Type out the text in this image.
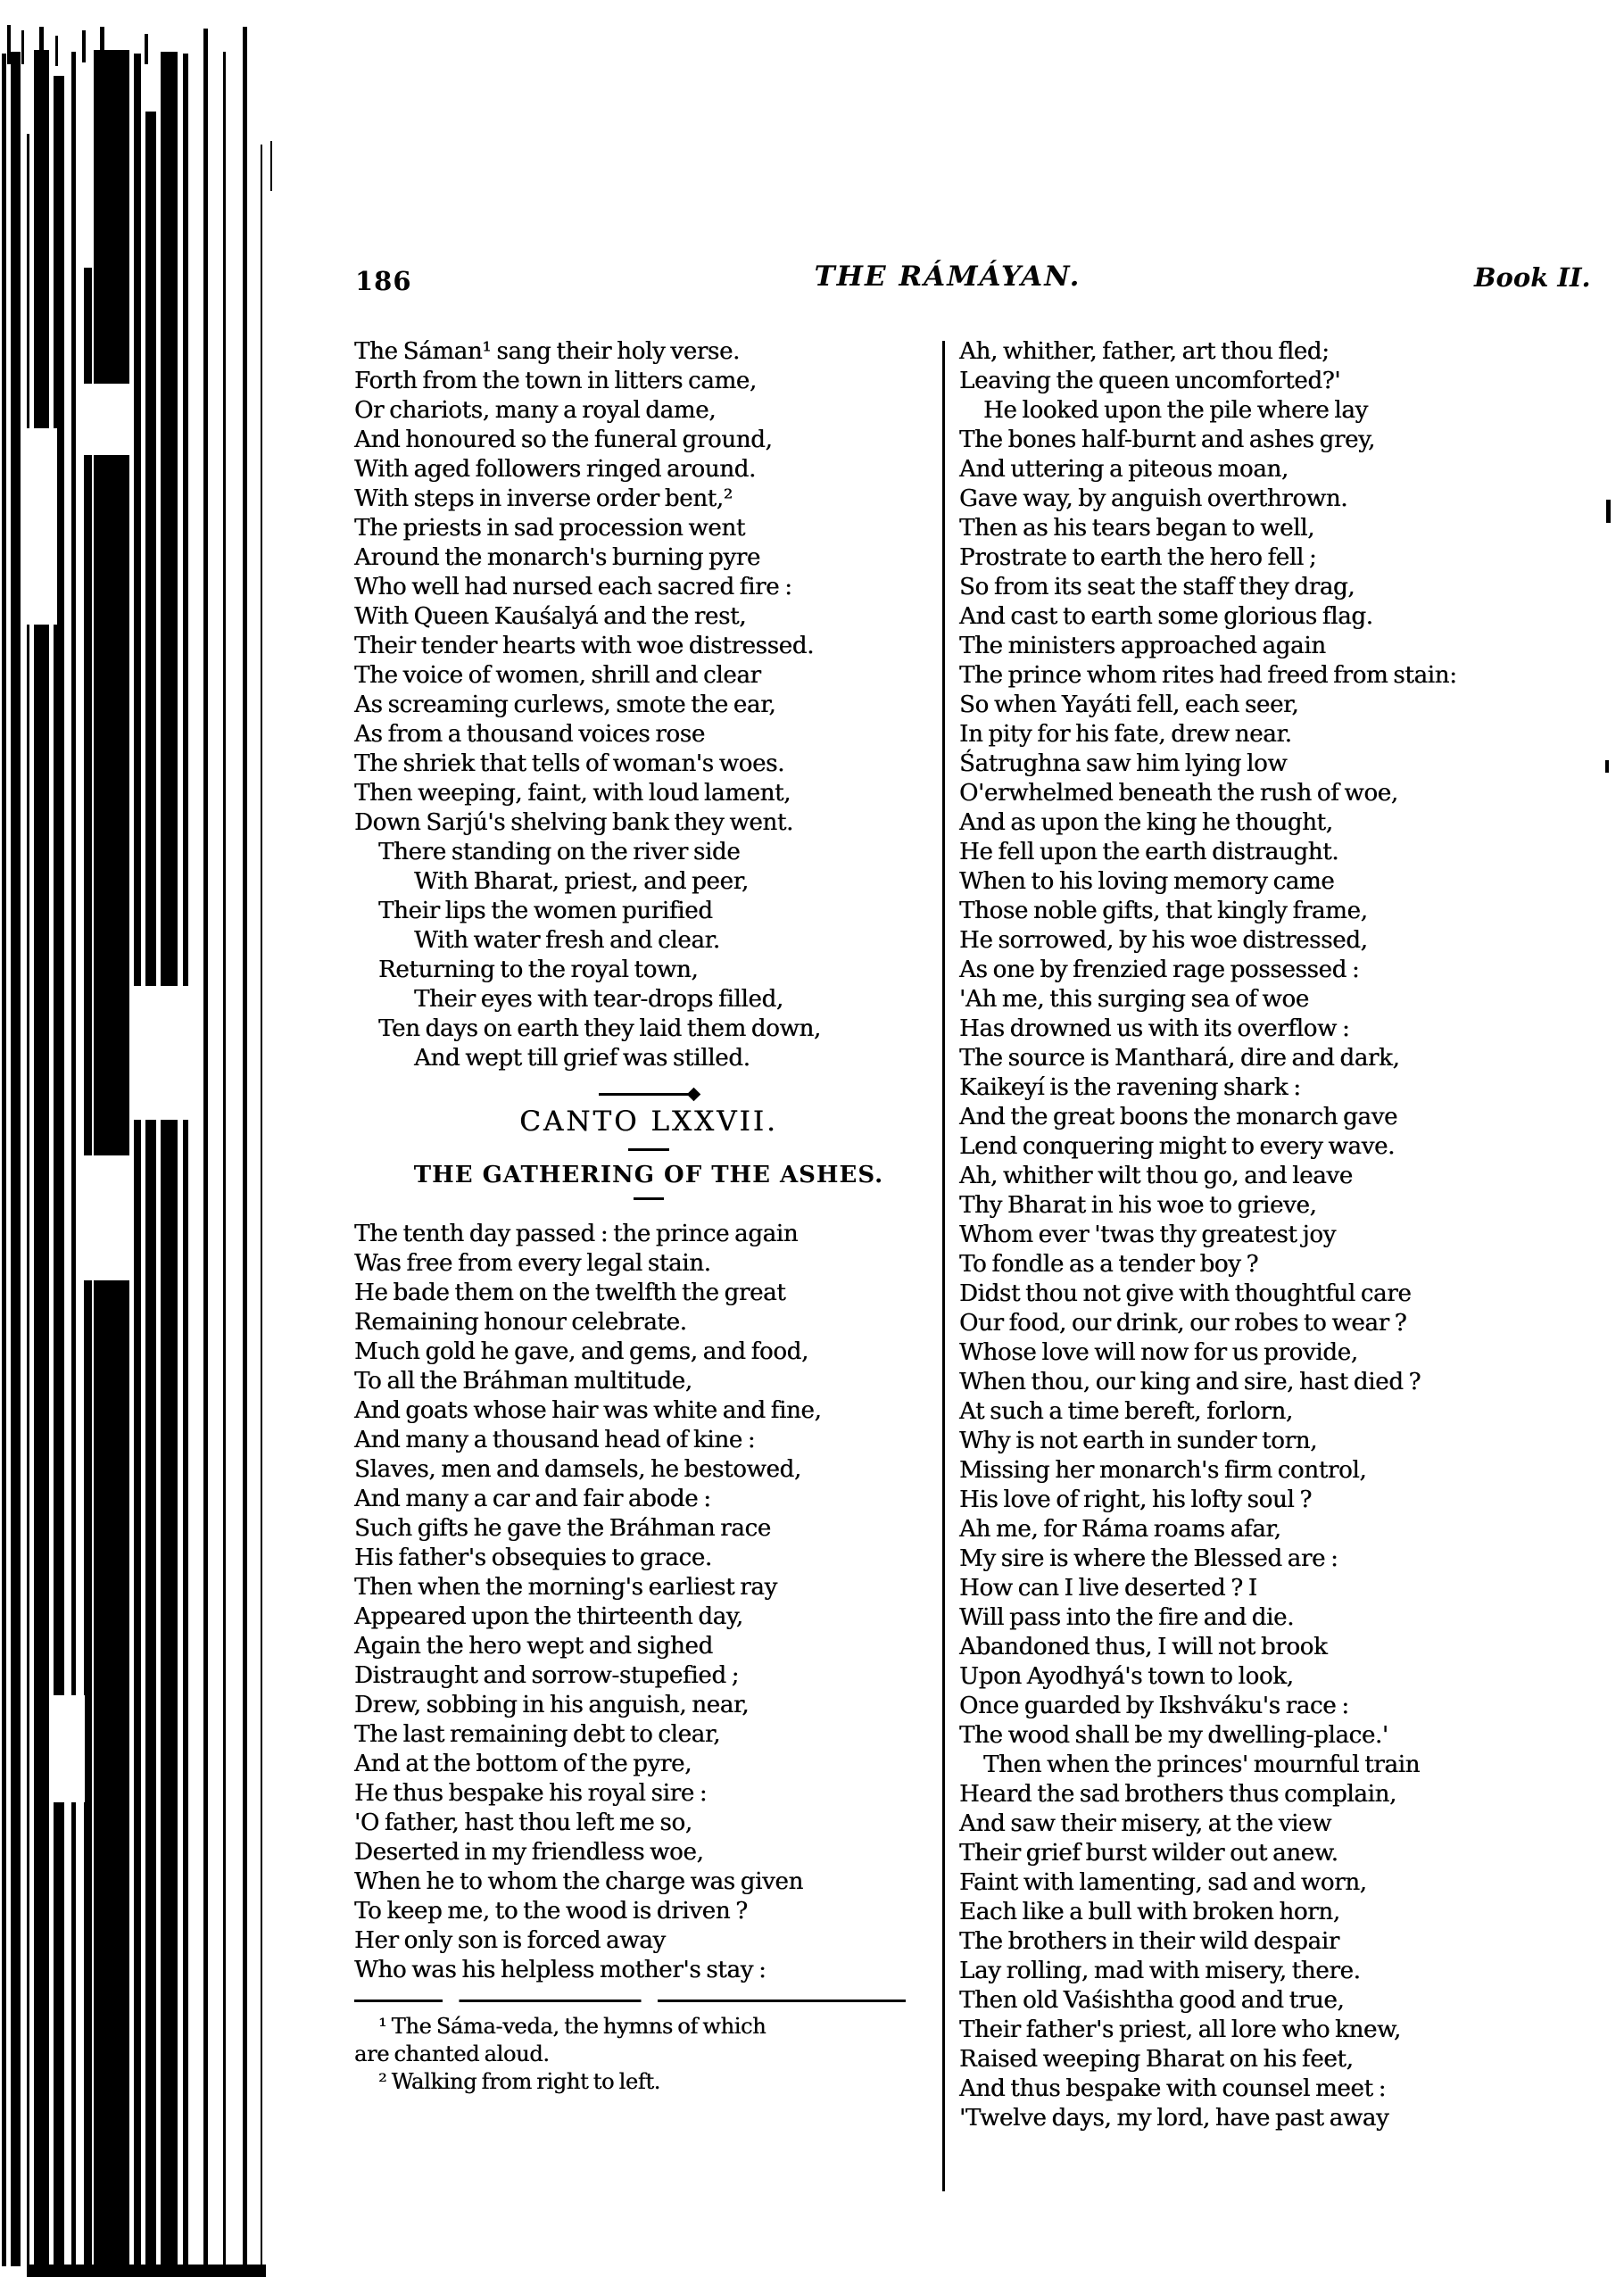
186	THE RÁMÁYAN.	Book II.
The Sáman¹ sang their holy verse.
Forth from the town in litters came,
Or chariots, many a royal dame,
And honoured so the funeral ground,
With aged followers ringed around.
With steps in inverse order bent,²
The priests in sad procession went
Around the monarch's burning pyre
Who well had nursed each sacred fire :
With Queen Kauśalyá and the rest,
Their tender hearts with woe distressed.
The voice of women, shrill and clear
As screaming curlews, smote the ear,
As from a thousand voices rose
The shriek that tells of woman's woes.
Then weeping, faint, with loud lament,
Down Sarjú's shelving bank they went.
There standing on the river side
With Bharat, priest, and peer,
Their lips the women purified
With water fresh and clear.
Returning to the royal town,
Their eyes with tear-drops filled,
Ten days on earth they laid them down,
And wept till grief was stilled.
CANTO LXXVII.
THE GATHERING OF THE ASHES.
The tenth day passed : the prince again
Was free from every legal stain.
He bade them on the twelfth the great
Remaining honour celebrate.
Much gold he gave, and gems, and food,
To all the Bráhman multitude,
And goats whose hair was white and fine,
And many a thousand head of kine :
Slaves, men and damsels, he bestowed,
And many a car and fair abode :
Such gifts he gave the Bráhman race
His father's obsequies to grace.
Then when the morning's earliest ray
Appeared upon the thirteenth day,
Again the hero wept and sighed
Distraught and sorrow-stupefied ;
Drew, sobbing in his anguish, near,
The last remaining debt to clear,
And at the bottom of the pyre,
He thus bespake his royal sire :
'O father, hast thou left me so,
Deserted in my friendless woe,
When he to whom the charge was given
To keep me, to the wood is driven ?
Her only son is forced away
Who was his helpless mother's stay :
¹ The Sáma-veda, the hymns of which
are chanted aloud.
² Walking from right to left.
Ah, whither, father, art thou fled;
Leaving the queen uncomforted?'
He looked upon the pile where lay
The bones half-burnt and ashes grey,
And uttering a piteous moan,
Gave way, by anguish overthrown.
Then as his tears began to well,
Prostrate to earth the hero fell ;
So from its seat the staff they drag,
And cast to earth some glorious flag.
The ministers approached again
The prince whom rites had freed from stain:
So when Yayáti fell, each seer,
In pity for his fate, drew near.
Śatrughna saw him lying low
O'erwhelmed beneath the rush of woe,
And as upon the king he thought,
He fell upon the earth distraught.
When to his loving memory came
Those noble gifts, that kingly frame,
He sorrowed, by his woe distressed,
As one by frenzied rage possessed :
'Ah me, this surging sea of woe
Has drowned us with its overflow :
The source is Manthará, dire and dark,
Kaikeyí is the ravening shark :
And the great boons the monarch gave
Lend conquering might to every wave.
Ah, whither wilt thou go, and leave
Thy Bharat in his woe to grieve,
Whom ever 'twas thy greatest joy
To fondle as a tender boy ?
Didst thou not give with thoughtful care
Our food, our drink, our robes to wear ?
Whose love will now for us provide,
When thou, our king and sire, hast died ?
At such a time bereft, forlorn,
Why is not earth in sunder torn,
Missing her monarch's firm control,
His love of right, his lofty soul ?
Ah me, for Ráma roams afar,
My sire is where the Blessed are :
How can I live deserted ? I
Will pass into the fire and die.
Abandoned thus, I will not brook
Upon Ayodhyá's town to look,
Once guarded by Ikshváku's race :
The wood shall be my dwelling-place.'
Then when the princes' mournful train
Heard the sad brothers thus complain,
And saw their misery, at the view
Their grief burst wilder out anew.
Faint with lamenting, sad and worn,
Each like a bull with broken horn,
The brothers in their wild despair
Lay rolling, mad with misery, there.
Then old Vaśishtha good and true,
Their father's priest, all lore who knew,
Raised weeping Bharat on his feet,
And thus bespake with counsel meet :
'Twelve days, my lord, have past away
